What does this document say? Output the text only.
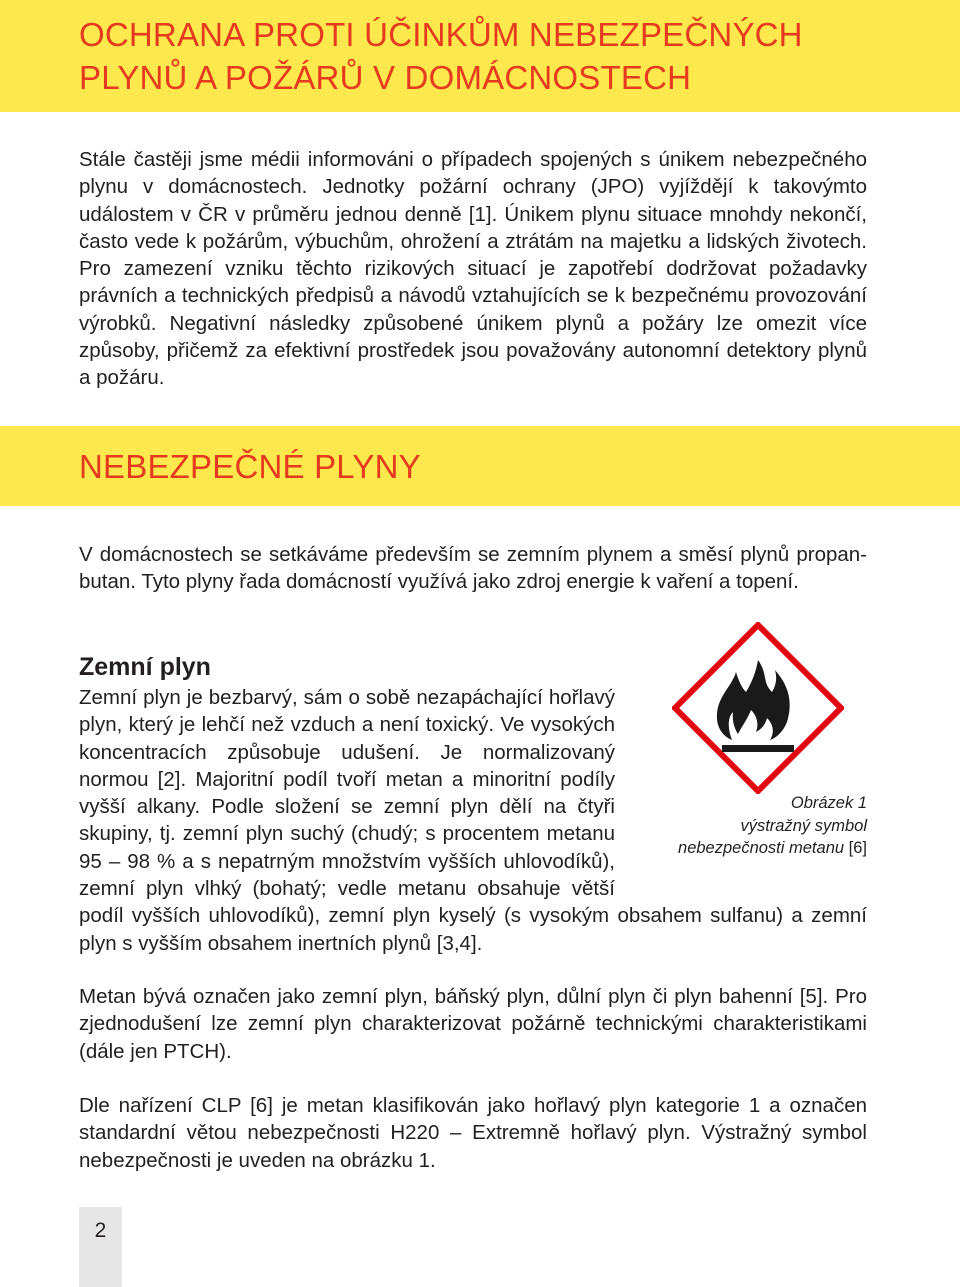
OCHRANA PROTI ÚČINKŮM NEBEZPEČNÝCH
PLYNŮ A POŽÁRŮ V DOMÁCNOSTECH

Stále častěji jsme médii informováni o případech spojených s únikem nebezpečného plynu v domácnostech. Jednotky požární ochrany (JPO) vyjíždějí k takovýmto událostem v ČR v průměru jednou denně [1]. Únikem plynu situace mnohdy nekončí, často vede k požárům, výbuchům, ohrožení a ztrátám na majetku a lidských životech. Pro zamezení vzniku těchto rizikových situací je zapotřebí dodržovat požadavky právních a technických předpisů a návodů vztahujících se k bezpečnému provozování výrobků. Negativní následky způsobené únikem plynů a požáry lze omezit více způsoby, přičemž za efektivní prostředek jsou považovány autonomní detektory plynů a požáru.

NEBEZPEČNÉ PLYNY

V domácnostech se setkáváme především se zemním plynem a směsí plynů propan-butan. Tyto plyny řada domácností využívá jako zdroj energie k vaření a topení.

Zemní plyn
Zemní plyn je bezbarvý, sám o sobě nezapáchající hořlavý plyn, který je lehčí než vzduch a není toxický. Ve vysokých koncentracích způsobuje udušení. Je normalizovaný normou [2]. Majoritní podíl tvoří metan a minoritní podíly vyšší alkany. Podle složení se zemní plyn dělí na čtyři skupiny, tj. zemní plyn suchý (chudý; s procentem metanu 95 – 98 % a s nepatrným množstvím vyšších uhlovodíků), zemní plyn vlhký (bohatý; vedle metanu obsahuje větší podíl vyšších uhlovodíků), zemní plyn kyselý (s vysokým obsahem sulfanu) a zemní plyn s vyšším obsahem inertních plynů [3,4].

Obrázek 1
výstražný symbol
nebezpečnosti metanu [6]

Metan bývá označen jako zemní plyn, báňský plyn, důlní plyn či plyn bahenní [5]. Pro zjednodušení lze zemní plyn charakterizovat požárně technickými charakteristikami (dále jen PTCH).

Dle nařízení CLP [6] je metan klasifikován jako hořlavý plyn kategorie 1 a označen standardní větou nebezpečnosti H220 – Extremně hořlavý plyn. Výstražný symbol nebezpečnosti je uveden na obrázku 1.

2
